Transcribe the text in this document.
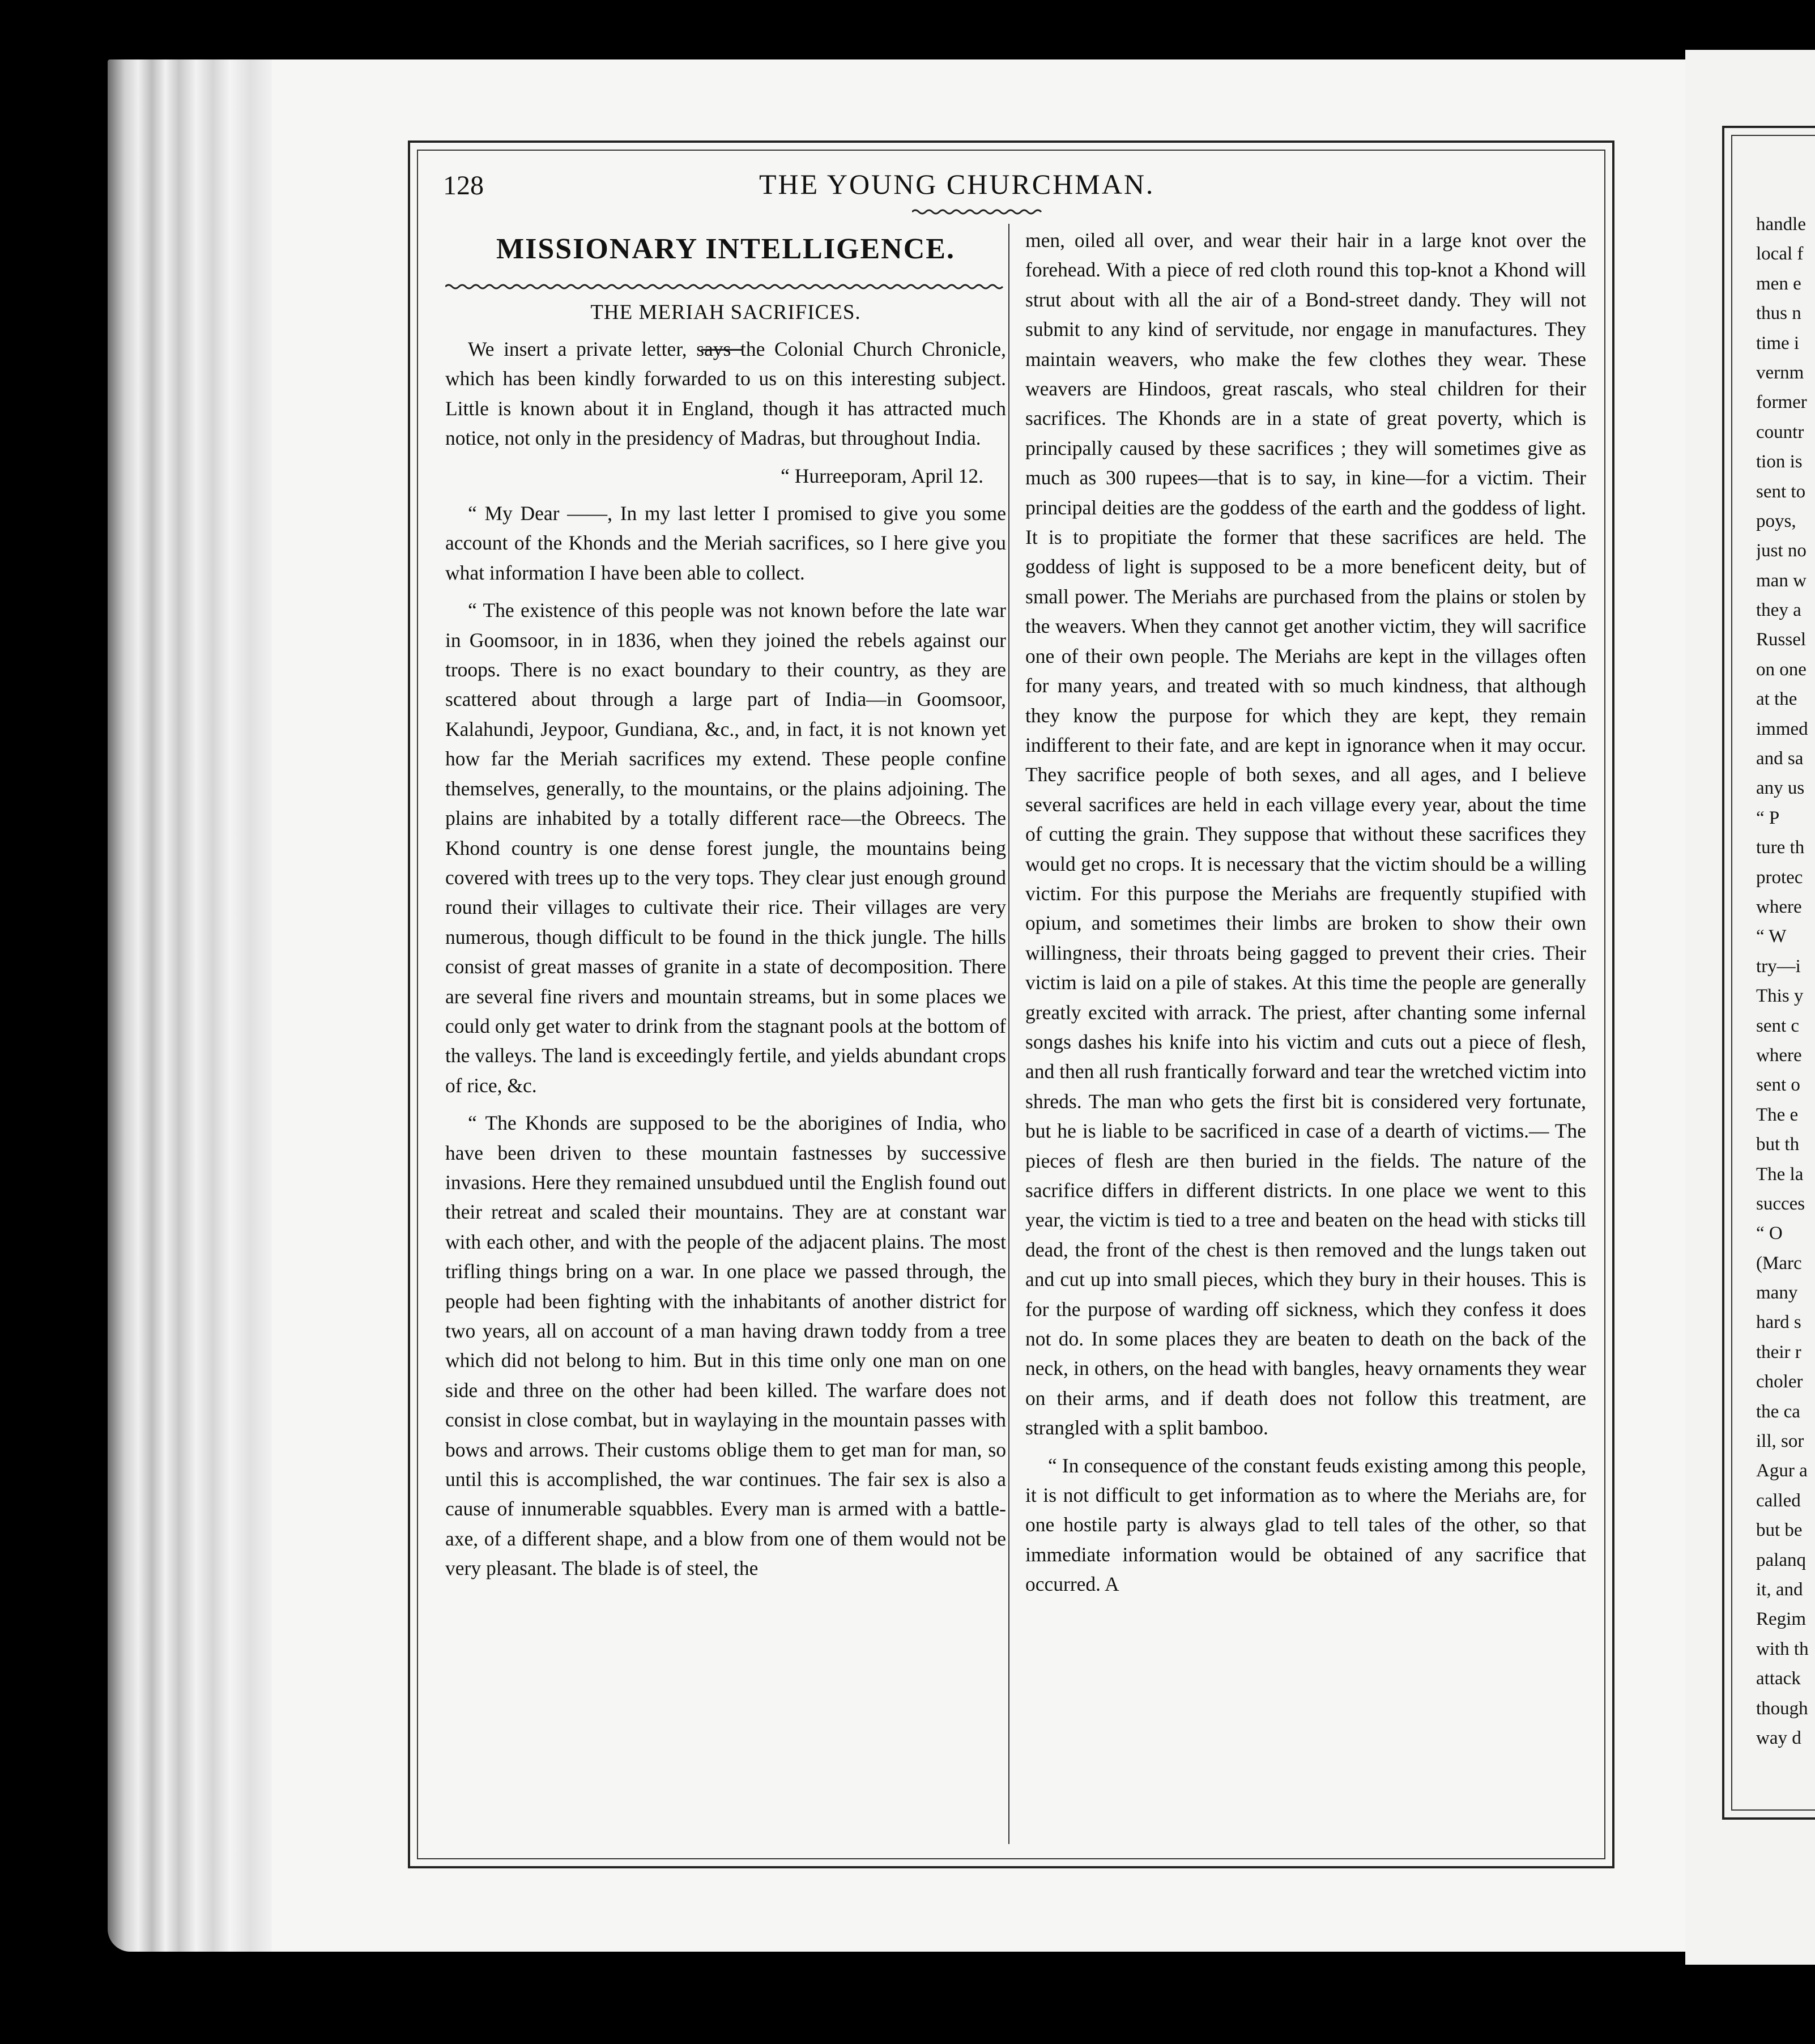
handle
local f
men e
thus n
time i
vernm
former
countr
tion is
sent to
poys,
just no
man w
they a
Russel
on one
at the
immed
and sa
any us
“ P
ture th
protec
where
“ W
try—i
This y
sent c
where
sent o
The e
but th
The la
succes
“ O
(Marc
many
hard s
their r
choler
the ca
ill, sor
Agur a
called
but be
palanq
it, and
Regim
with th
attack
though
way d
128	THE YOUNG CHURCHMAN.
MISSIONARY INTELLIGENCE.
THE MERIAH SACRIFICES.

We insert a private letter, says the Colonial Church Chronicle, which has been kindly forwarded to us on this interesting subject. Little is known about it in England, though it has attracted much notice, not only in the presidency of Madras, but throughout India.

“ Hurreeporam, April 12.

“ My Dear ——, In my last letter I promised to give you some account of the Khonds and the Meriah sacrifices, so I here give you what information I have been able to collect.

“ The existence of this people was not known before the late war in Goomsoor, in in 1836, when they joined the rebels against our troops. There is no exact boundary to their country, as they are scattered about through a large part of India—in Goomsoor, Kalahundi, Jeypoor, Gundiana, &c., and, in fact, it is not known yet how far the Meriah sacrifices my extend. These people confine themselves, generally, to the mountains, or the plains adjoining. The plains are inhabited by a totally different race—the Obreecs. The Khond country is one dense forest jungle, the mountains being covered with trees up to the very tops. They clear just enough ground round their villages to cultivate their rice. Their villages are very numerous, though difficult to be found in the thick jungle. The hills consist of great masses of granite in a state of decomposition. There are several fine rivers and mountain streams, but in some places we could only get water to drink from the stagnant pools at the bottom of the valleys. The land is exceedingly fertile, and yields abundant crops of rice, &c.

“ The Khonds are supposed to be the aborigines of India, who have been driven to these mountain fastnesses by successive invasions. Here they remained unsubdued until the English found out their retreat and scaled their mountains. They are at constant war with each other, and with the people of the adjacent plains. The most trifling things bring on a war. In one place we passed through, the people had been fighting with the inhabitants of another district for two years, all on account of a man having drawn toddy from a tree which did not belong to him. But in this time only one man on one side and three on the other had been killed. The warfare does not consist in close combat, but in waylaying in the mountain passes with bows and arrows. Their customs oblige them to get man for man, so until this is accomplished, the war continues. The fair sex is also a cause of innumerable squabbles. Every man is armed with a battle-axe, of a different shape, and a blow from one of them would not be very pleasant. The blade is of steel, the

men, oiled all over, and wear their hair in a large knot over the forehead. With a piece of red cloth round this top-knot a Khond will strut about with all the air of a Bond-street dandy. They will not submit to any kind of servitude, nor engage in manufactures. They maintain weavers, who make the few clothes they wear. These weavers are Hindoos, great rascals, who steal children for their sacrifices. The Khonds are in a state of great poverty, which is principally caused by these sacrifices ; they will sometimes give as much as 300 rupees—that is to say, in kine—for a victim. Their principal deities are the goddess of the earth and the goddess of light. It is to propitiate the former that these sacrifices are held. The goddess of light is supposed to be a more beneficent deity, but of small power. The Meriahs are purchased from the plains or stolen by the weavers. When they cannot get another victim, they will sacrifice one of their own people. The Meriahs are kept in the villages often for many years, and treated with so much kindness, that although they know the purpose for which they are kept, they remain indifferent to their fate, and are kept in ignorance when it may occur. They sacrifice people of both sexes, and all ages, and I believe several sacrifices are held in each village every year, about the time of cutting the grain. They suppose that without these sacrifices they would get no crops. It is necessary that the victim should be a willing victim. For this purpose the Meriahs are frequently stupified with opium, and sometimes their limbs are broken to show their own willingness, their throats being gagged to prevent their cries. Their victim is laid on a pile of stakes. At this time the people are generally greatly excited with arrack. The priest, after chanting some infernal songs dashes his knife into his victim and cuts out a piece of flesh, and then all rush frantically forward and tear the wretched victim into shreds. The man who gets the first bit is considered very fortunate, but he is liable to be sacrificed in case of a dearth of victims.— The pieces of flesh are then buried in the fields. The nature of the sacrifice differs in different districts. In one place we went to this year, the victim is tied to a tree and beaten on the head with sticks till dead, the front of the chest is then removed and the lungs taken out and cut up into small pieces, which they bury in their houses. This is for the purpose of warding off sickness, which they confess it does not do. In some places they are beaten to death on the back of the neck, in others, on the head with bangles, heavy ornaments they wear on their arms, and if death does not follow this treatment, are strangled with a split bamboo.

“ In consequence of the constant feuds existing among this people, it is not difficult to get information as to where the Meriahs are, for one hostile party is always glad to tell tales of the other, so that immediate information would be obtained of any sacrifice that occurred. A
